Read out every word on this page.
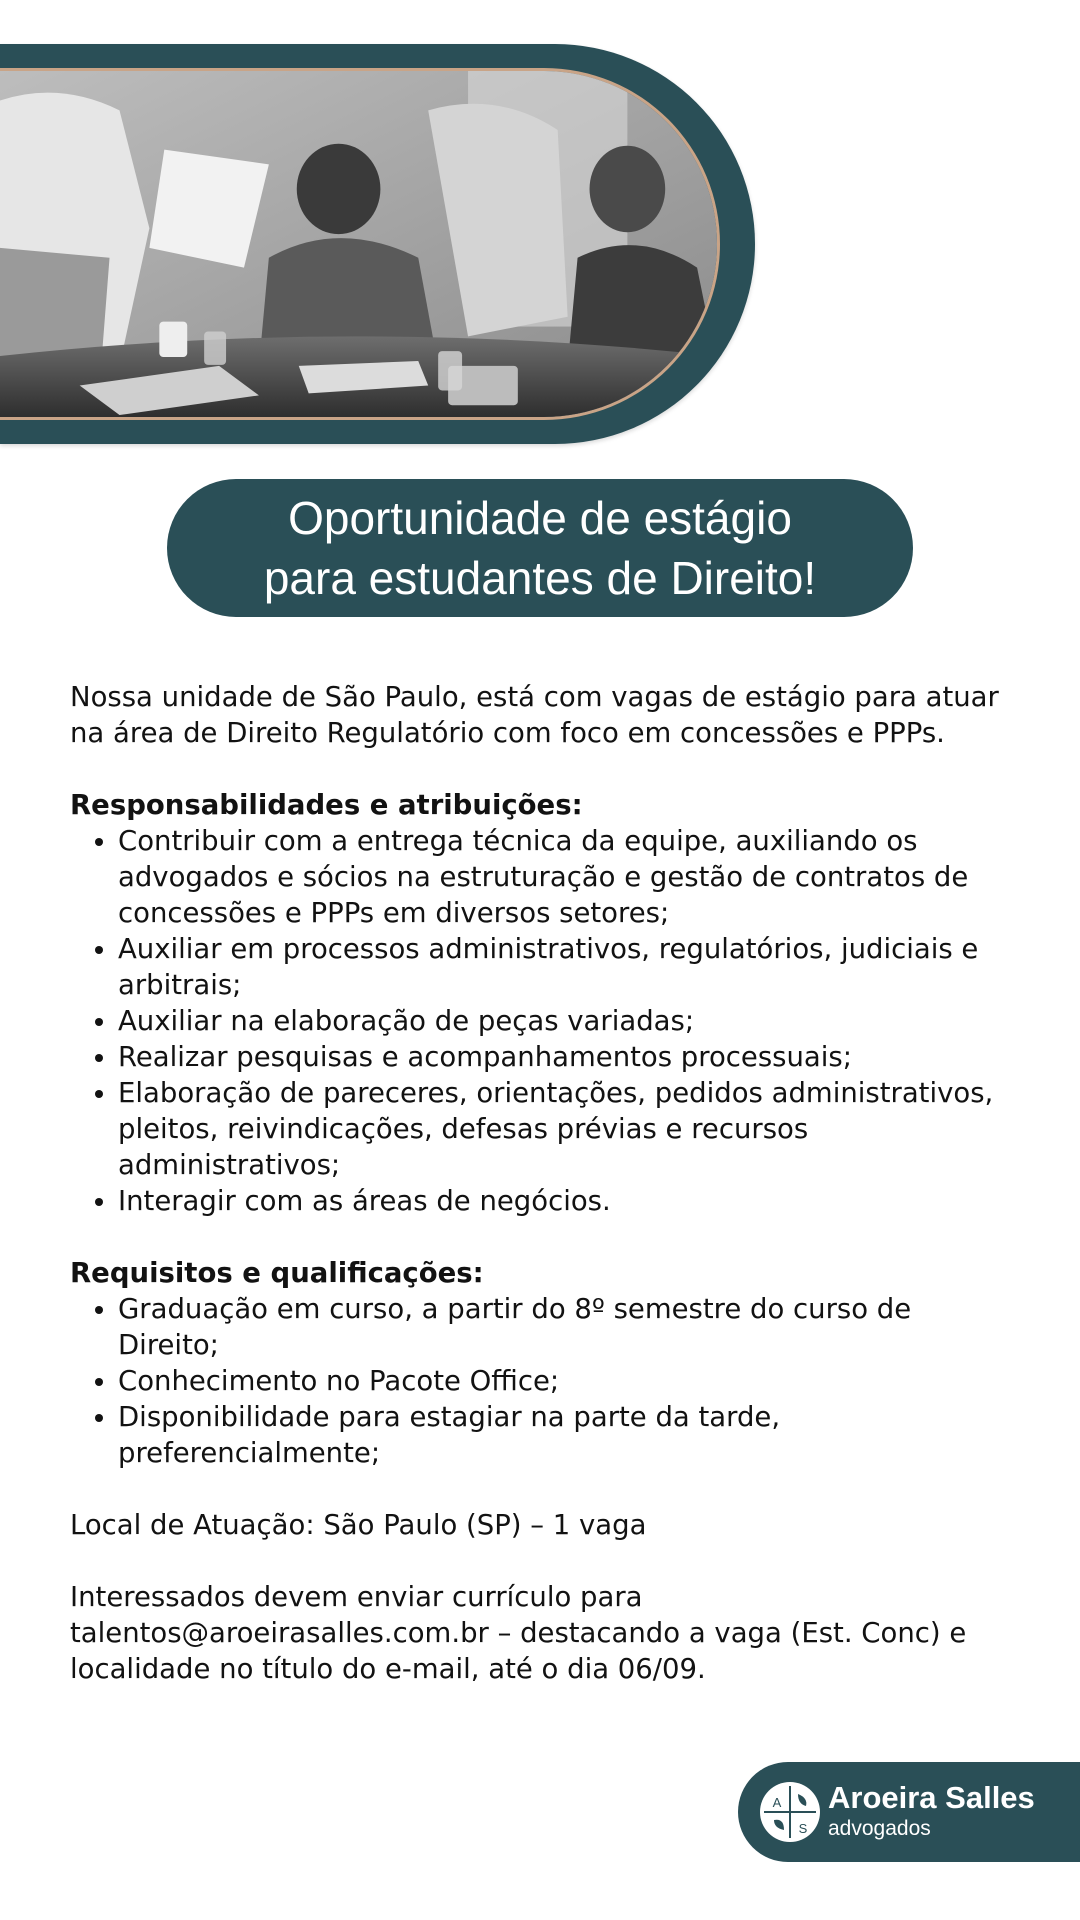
Oportunidade de estágio
para estudantes de Direito!

Nossa unidade de São Paulo, está com vagas de estágio para atuar na área de Direito Regulatório com foco em concessões e PPPs.

Responsabilidades e atribuições:

• Contribuir com a entrega técnica da equipe, auxiliando os advogados e sócios na estruturação e gestão de contratos de concessões e PPPs em diversos setores;
• Auxiliar em processos administrativos, regulatórios, judiciais e arbitrais;
• Auxiliar na elaboração de peças variadas;
• Realizar pesquisas e acompanhamentos processuais;
• Elaboração de pareceres, orientações, pedidos administrativos, pleitos, reivindicações, defesas prévias e recursos administrativos;
• Interagir com as áreas de negócios.

Requisitos e qualificações:

• Graduação em curso, a partir do 8º semestre do curso de Direito;
• Conhecimento no Pacote Office;
• Disponibilidade para estagiar na parte da tarde, preferencialmente;

Local de Atuação: São Paulo (SP) – 1 vaga

Interessados devem enviar currículo para talentos@aroeirasalles.com.br – destacando a vaga (Est. Conc) e localidade no título do e-mail, até o dia 06/09.

A
S
Aroeira Salles
advogados
